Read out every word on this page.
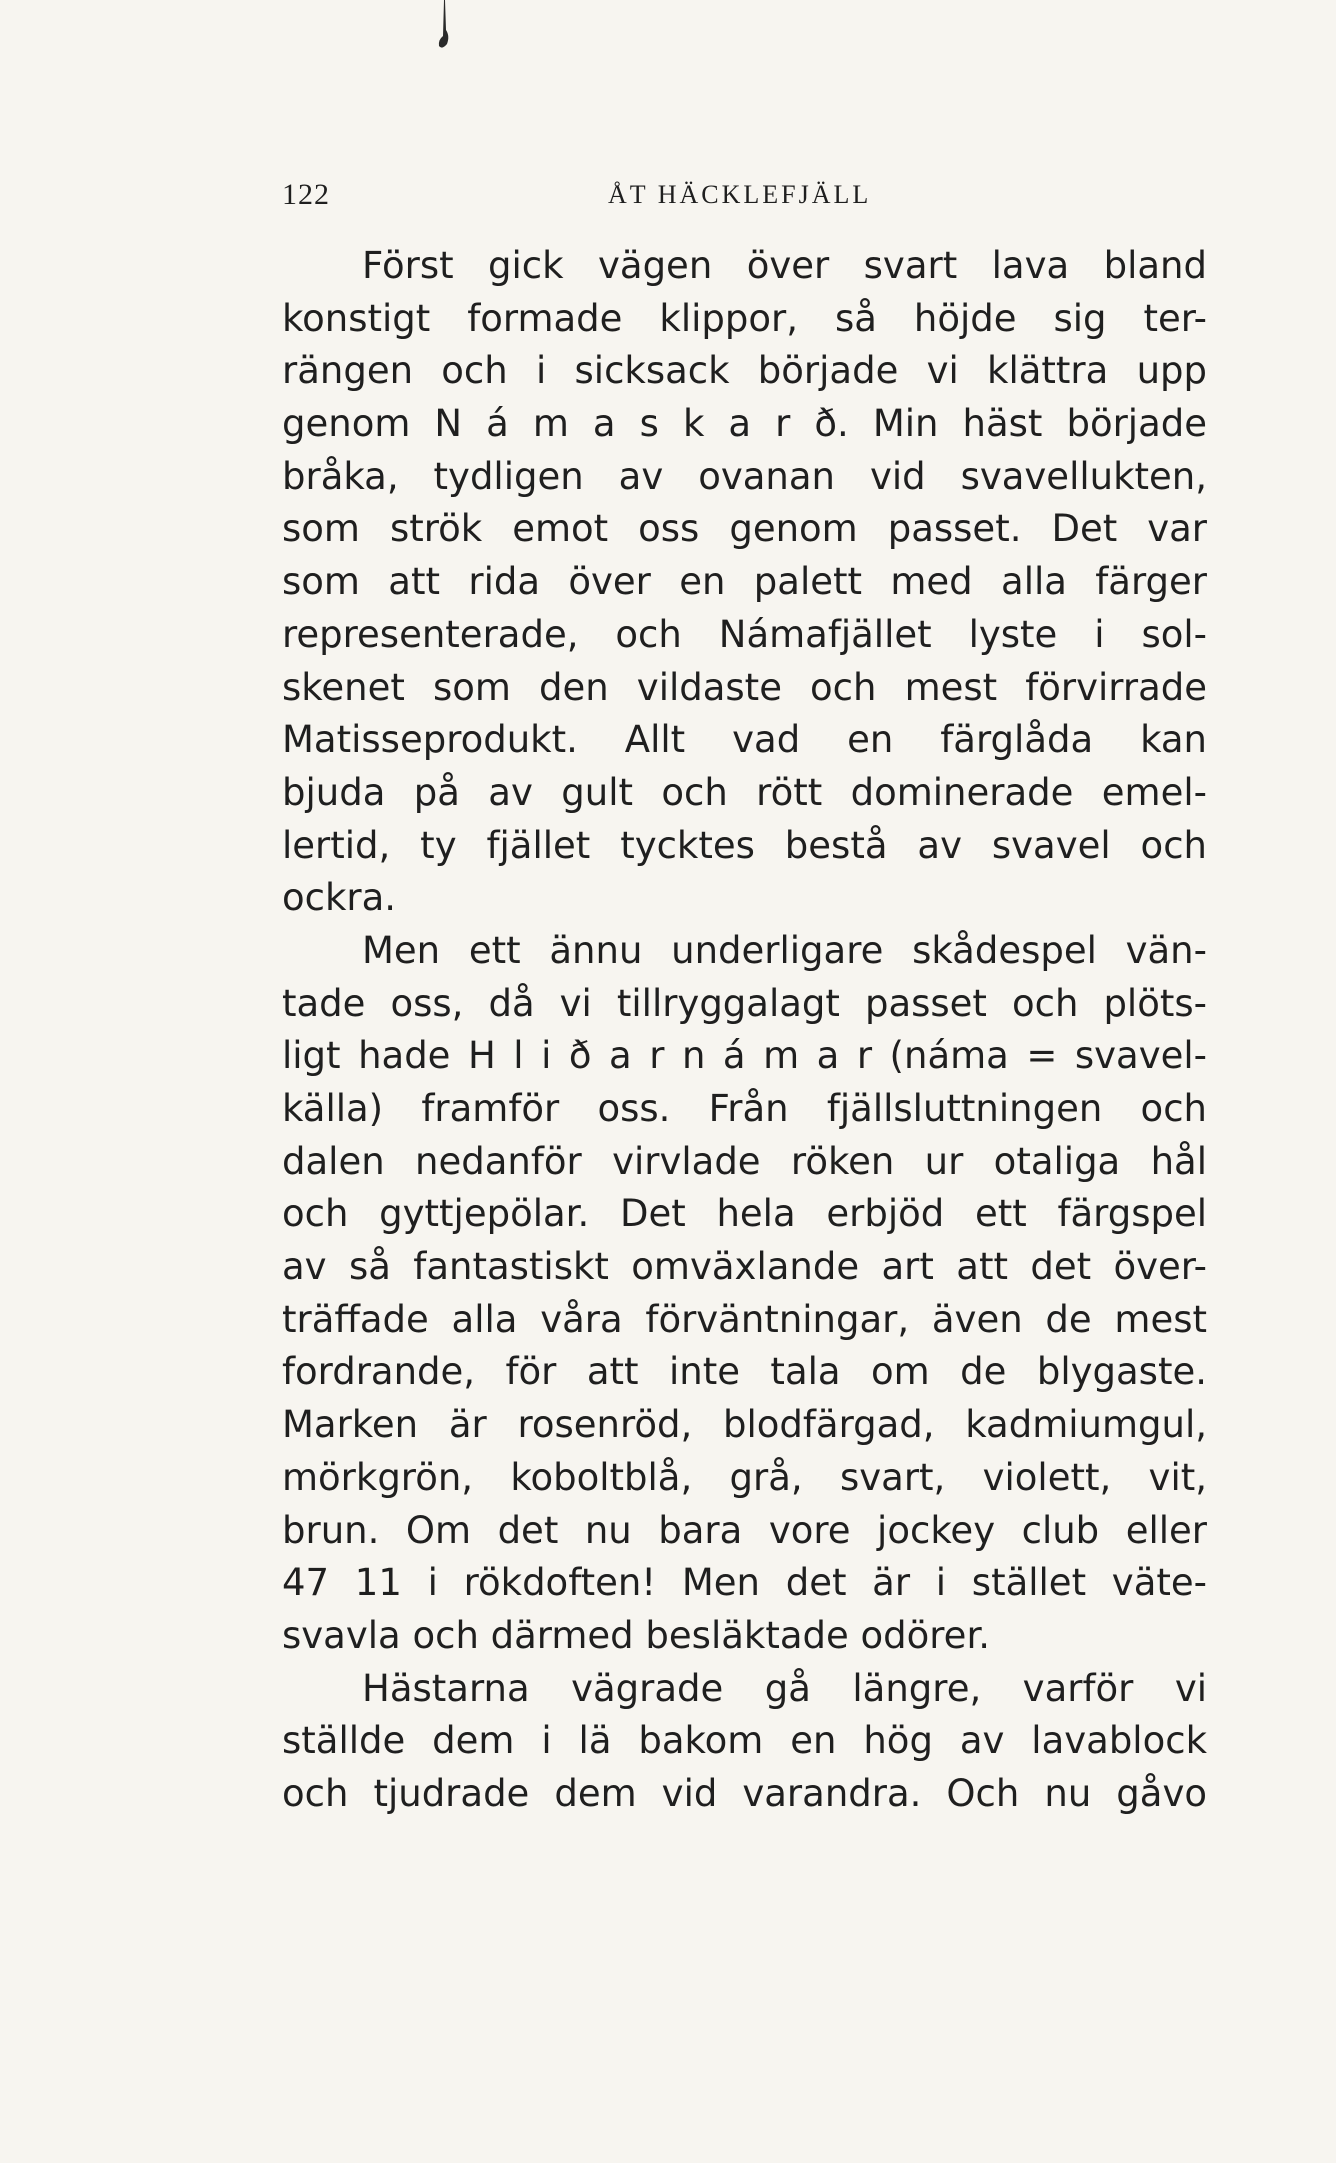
122	ÅT HÄCKLEFJÄLL
Först gick vägen över svart lava bland
konstigt formade klippor, så höjde sig ter-
rängen och i sicksack började vi klättra upp
genom N á m a s k a r ð. Min häst började
bråka, tydligen av ovanan vid svavellukten,
som strök emot oss genom passet. Det var
som att rida över en palett med alla färger
representerade, och Námafjället lyste i sol-
skenet som den vildaste och mest förvirrade
Matisseprodukt. Allt vad en färglåda kan
bjuda på av gult och rött dominerade emel-
lertid, ty fjället tycktes bestå av svavel och
ockra.
Men ett ännu underligare skådespel vän-
tade oss, då vi tillryggalagt passet och plöts-
ligt hade H l i ð a r n á m a r (náma = svavel-
källa) framför oss. Från fjällsluttningen och
dalen nedanför virvlade röken ur otaliga hål
och gyttjepölar. Det hela erbjöd ett färgspel
av så fantastiskt omväxlande art att det över-
träffade alla våra förväntningar, även de mest
fordrande, för att inte tala om de blygaste.
Marken är rosenröd, blodfärgad, kadmiumgul,
mörkgrön, koboltblå, grå, svart, violett, vit,
brun. Om det nu bara vore jockey club eller
47 11 i rökdoften! Men det är i stället väte-
svavla och därmed besläktade odörer.
Hästarna vägrade gå längre, varför vi
ställde dem i lä bakom en hög av lavablock
och tjudrade dem vid varandra. Och nu gåvo
